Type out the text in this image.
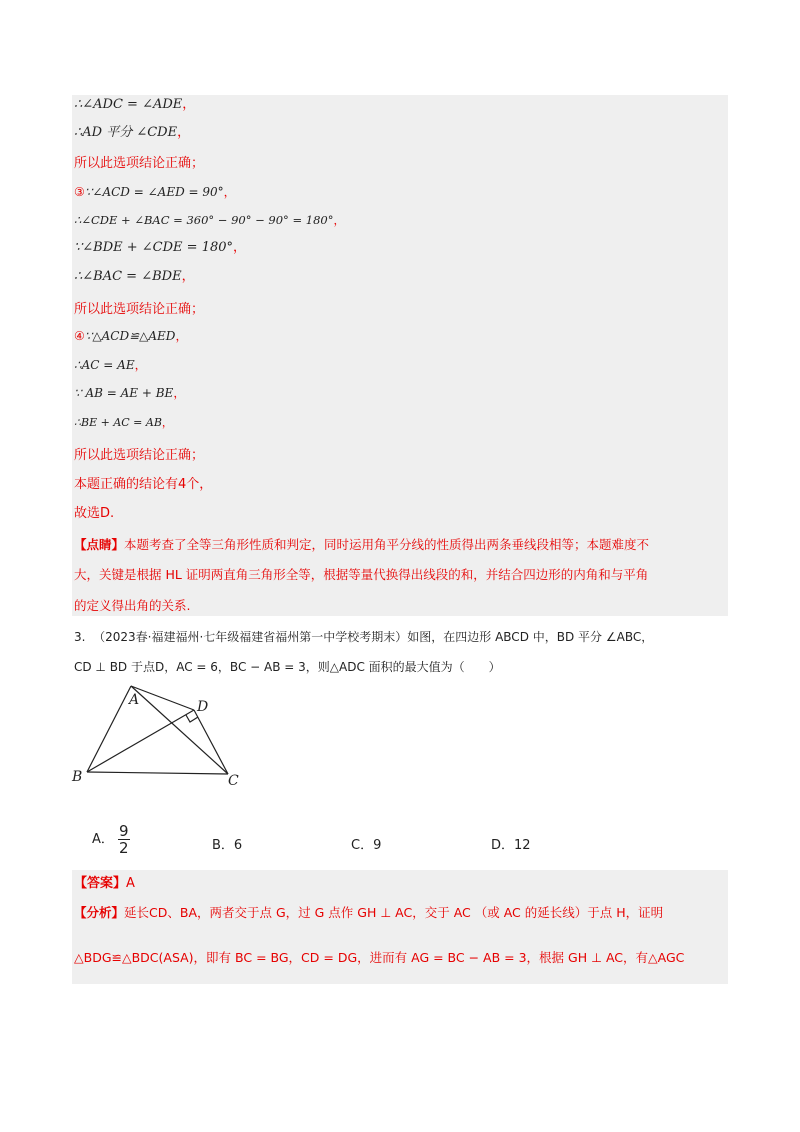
∴∠ADC = ∠ADE，
∴AD 平分 ∠CDE，
所以此选项结论正确；
③∵∠ACD = ∠AED = 90°，
∴∠CDE + ∠BAC = 360° − 90° − 90° = 180°，
∵∠BDE + ∠CDE = 180°，
∴∠BAC = ∠BDE，
所以此选项结论正确；
④∵△ACD≌△AED，
∴AC = AE，
∵ AB = AE + BE，
∴BE + AC = AB，
所以此选项结论正确；
本题正确的结论有4个，
故选D.
【点睛】本题考查了全等三角形性质和判定，同时运用角平分线的性质得出两条垂线段相等；本题难度不
大，关键是根据 HL 证明两直角三角形全等，根据等量代换得出线段的和，并结合四边形的内角和与平角
的定义得出角的关系.
3. （2023春·福建福州·七年级福建省福州第一中学校考期末）如图，在四边形 ABCD 中，BD 平分 ∠ABC，
CD ⊥ BD 于点D，AC = 6，BC − AB = 3，则△ADC 面积的最大值为（　　）
A	D
B	C
A． $\frac{9}{2}$	B．6	C．9	D．12
【答案】A
【分析】延长CD、BA，两者交于点 G，过 G 点作 GH ⊥ AC，交于 AC （或 AC 的延长线）于点 H，证明
△BDG≌△BDC(ASA)，即有 BC = BG，CD = DG，进而有 AG = BC − AB = 3，根据 GH ⊥ AC，有△AGC
